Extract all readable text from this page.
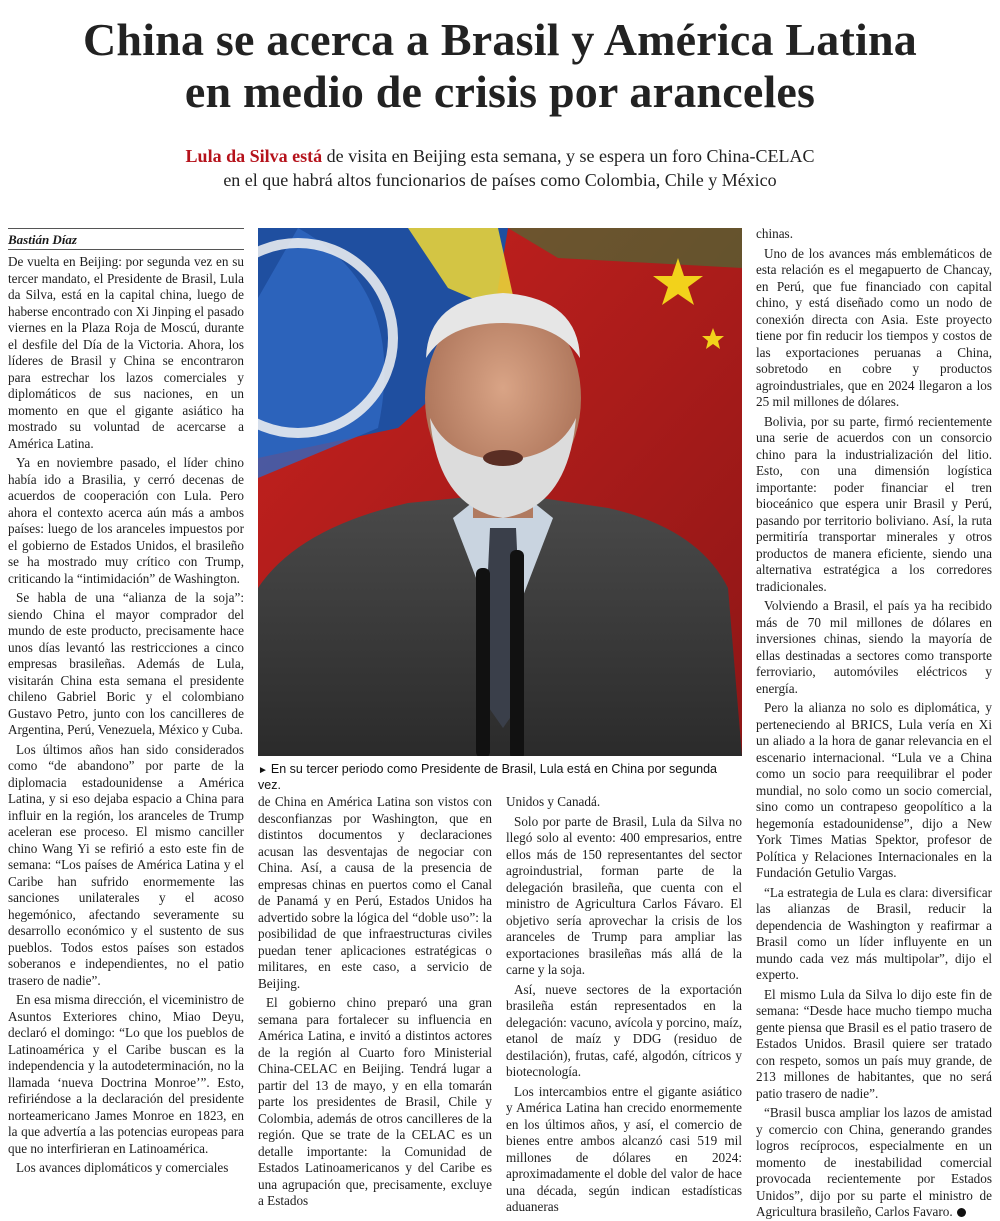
China se acerca a Brasil y América Latina
en medio de crisis por aranceles
Lula da Silva está de visita en Beijing esta semana, y se espera un foro China-CELAC
en el que habrá altos funcionarios de países como Colombia, Chile y México
Bastián Díaz

De vuelta en Beijing: por segunda vez en su tercer mandato, el Presidente de Brasil, Lula da Silva, está en la capital china, luego de haberse encontrado con Xi Jinping el pasado viernes en la Plaza Roja de Moscú, durante el desfile del Día de la Victoria. Ahora, los líderes de Brasil y China se encontraron para estrechar los lazos comerciales y diplomáticos de sus naciones, en un momento en que el gigante asiático ha mostrado su voluntad de acercarse a América Latina.

Ya en noviembre pasado, el líder chino había ido a Brasilia, y cerró decenas de acuerdos de cooperación con Lula. Pero ahora el contexto acerca aún más a ambos países: luego de los aranceles impuestos por el gobierno de Estados Unidos, el brasileño se ha mostrado muy crítico con Trump, criticando la “intimidación” de Washington.

Se habla de una “alianza de la soja”: siendo China el mayor comprador del mundo de este producto, precisamente hace unos días levantó las restricciones a cinco empresas brasileñas. Además de Lula, visitarán China esta semana el presidente chileno Gabriel Boric y el colombiano Gustavo Petro, junto con los cancilleres de Argentina, Perú, Venezuela, México y Cuba.

Los últimos años han sido considerados como “de abandono” por parte de la diplomacia estadounidense a América Latina, y si eso dejaba espacio a China para influir en la región, los aranceles de Trump aceleran ese proceso. El mismo canciller chino Wang Yi se refirió a esto este fin de semana: “Los países de América Latina y el Caribe han sufrido enormemente las sanciones unilaterales y el acoso hegemónico, afectando severamente su desarrollo económico y el sustento de sus pueblos. Todos estos países son estados soberanos e independientes, no el patio trasero de nadie”.

En esa misma dirección, el viceministro de Asuntos Exteriores chino, Miao Deyu, declaró el domingo: “Lo que los pueblos de Latinoamérica y el Caribe buscan es la independencia y la autodeterminación, no la llamada ‘nueva Doctrina Monroe’”. Esto, refiriéndose a la declaración del presidente norteamericano James Monroe en 1823, en la que advertía a las potencias europeas para que no interfirieran en Latinoamérica.

Los avances diplomáticos y comerciales

► En su tercer periodo como Presidente de Brasil, Lula está en China por segunda vez.

de China en América Latina son vistos con desconfianzas por Washington, que en distintos documentos y declaraciones acusan las desventajas de negociar con China. Así, a causa de la presencia de empresas chinas en puertos como el Canal de Panamá y en Perú, Estados Unidos ha advertido sobre la lógica del “doble uso”: la posibilidad de que infraestructuras civiles puedan tener aplicaciones estratégicas o militares, en este caso, a servicio de Beijing.

El gobierno chino preparó una gran semana para fortalecer su influencia en América Latina, e invitó a distintos actores de la región al Cuarto foro Ministerial China-CELAC en Beijing. Tendrá lugar a partir del 13 de mayo, y en ella tomarán parte los presidentes de Brasil, Chile y Colombia, además de otros cancilleres de la región. Que se trate de la CELAC es un detalle importante: la Comunidad de Estados Latinoamericanos y del Caribe es una agrupación que, precisamente, excluye a Estados

Unidos y Canadá.

Solo por parte de Brasil, Lula da Silva no llegó solo al evento: 400 empresarios, entre ellos más de 150 representantes del sector agroindustrial, forman parte de la delegación brasileña, que cuenta con el ministro de Agricultura Carlos Fávaro. El objetivo sería aprovechar la crisis de los aranceles de Trump para ampliar las exportaciones brasileñas más allá de la carne y la soja.

Así, nueve sectores de la exportación brasileña están representados en la delegación: vacuno, avícola y porcino, maíz, etanol de maíz y DDG (residuo de destilación), frutas, café, algodón, cítricos y biotecnología.

Los intercambios entre el gigante asiático y América Latina han crecido enormemente en los últimos años, y así, el comercio de bienes entre ambos alcanzó casi 519 mil millones de dólares en 2024: aproximadamente el doble del valor de hace una década, según indican estadísticas aduaneras

chinas.

Uno de los avances más emblemáticos de esta relación es el megapuerto de Chancay, en Perú, que fue financiado con capital chino, y está diseñado como un nodo de conexión directa con Asia. Este proyecto tiene por fin reducir los tiempos y costos de las exportaciones peruanas a China, sobretodo en cobre y productos agroindustriales, que en 2024 llegaron a los 25 mil millones de dólares.

Bolivia, por su parte, firmó recientemente una serie de acuerdos con un consorcio chino para la industrialización del litio. Esto, con una dimensión logística importante: poder financiar el tren bioceánico que espera unir Brasil y Perú, pasando por territorio boliviano. Así, la ruta permitiría transportar minerales y otros productos de manera eficiente, siendo una alternativa estratégica a los corredores tradicionales.

Volviendo a Brasil, el país ya ha recibido más de 70 mil millones de dólares en inversiones chinas, siendo la mayoría de ellas destinadas a sectores como transporte ferroviario, automóviles eléctricos y energía.

Pero la alianza no solo es diplomática, y perteneciendo al BRICS, Lula vería en Xi un aliado a la hora de ganar relevancia en el escenario internacional. “Lula ve a China como un socio para reequilibrar el poder mundial, no solo como un socio comercial, sino como un contrapeso geopolítico a la hegemonía estadounidense”, dijo a New York Times Matias Spektor, profesor de Política y Relaciones Internacionales en la Fundación Getulio Vargas.

“La estrategia de Lula es clara: diversificar las alianzas de Brasil, reducir la dependencia de Washington y reafirmar a Brasil como un líder influyente en un mundo cada vez más multipolar”, dijo el experto.

El mismo Lula da Silva lo dijo este fin de semana: “Desde hace mucho tiempo mucha gente piensa que Brasil es el patio trasero de Estados Unidos. Brasil quiere ser tratado con respeto, somos un país muy grande, de 213 millones de habitantes, que no será patio trasero de nadie”.

“Brasil busca ampliar los lazos de amistad y comercio con China, generando grandes logros recíprocos, especialmente en un momento de inestabilidad comercial provocada recientemente por Estados Unidos”, dijo por su parte el ministro de Agricultura brasileño, Carlos Favaro.
